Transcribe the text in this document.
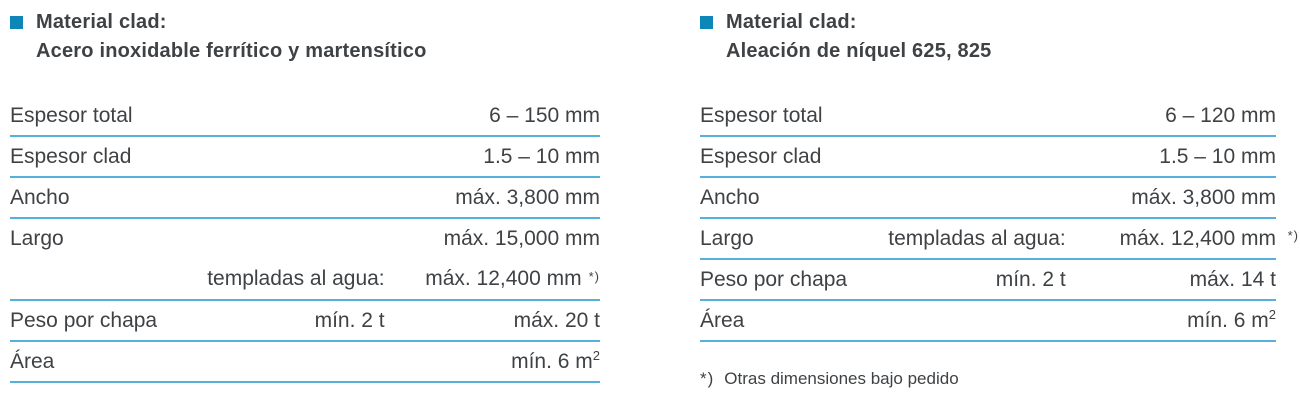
Material clad:
Acero inoxidable ferrítico y martensítico
Espesor total	6 – 150 mm
Espesor clad	1.5 – 10 mm
Ancho	máx. 3,800 mm
Largo	máx. 15,000 mm
templadas al agua:	máx. 12,400 mm *)
Peso por chapa	mín. 2 t	máx. 20 t
Área	mín. 6 $m^2$
Material clad:
Aleación de níquel 625, 825
Espesor total	6 – 120 mm
Espesor clad	1.5 – 10 mm
Ancho	máx. 3,800 mm
Largo	templadas al agua:	máx. 12,400 mm *)
Peso por chapa	mín. 2 t	máx. 14 t
Área	mín. 6 $m^2$
*) Otras dimensiones bajo pedido
